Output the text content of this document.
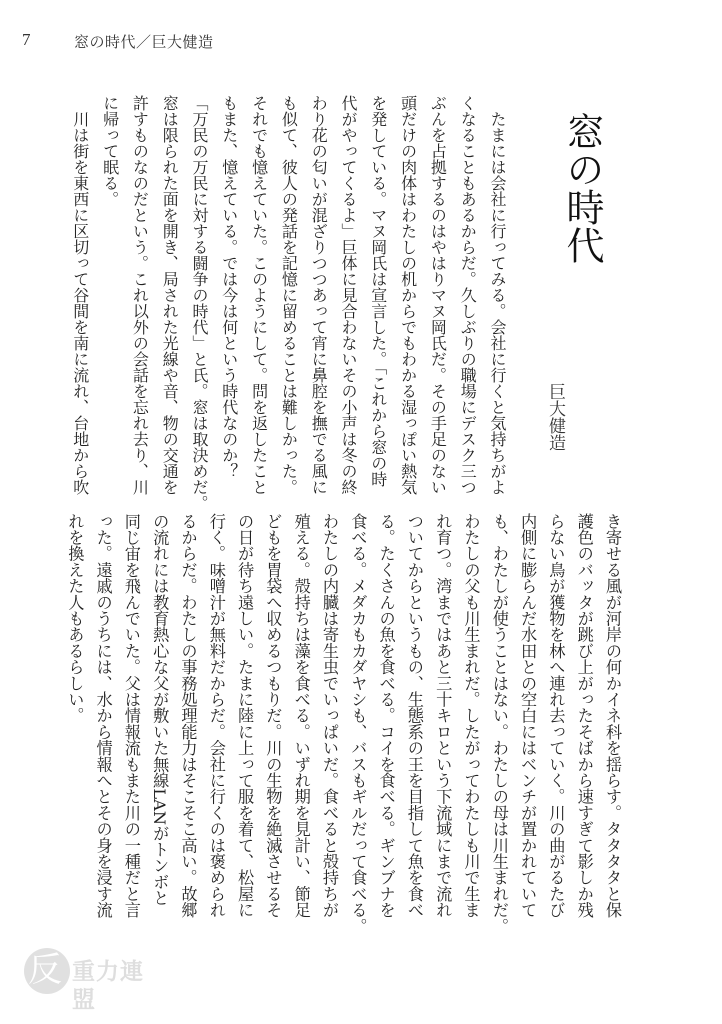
7	窓の時代／巨大健造
窓の時代
巨大健造
　たまには会社に行ってみる。会社に行くと気持ちがよ
くなることもあるからだ。久しぶりの職場にデスク三つ
ぶんを占拠するのはやはりマヌ岡氏だ。その手足のない
頭だけの肉体はわたしの机からでもわかる湿っぽい熱気
を発している。マヌ岡氏は宣言した。「これから窓の時
代がやってくるよ」巨体に見合わないその小声は冬の終
わり花の匂いが混ざりつつあって宵に鼻腔を撫でる風に
も似て、彼人の発話を記憶に留めることは難しかった。
それでも憶えていた。このようにして。問を返したこと
もまた、憶えている。では今は何という時代なのか？
「万民の万民に対する闘争の時代」と氏。窓は取決めだ。
窓は限られた面を開き、局された光線や音、物の交通を
許すものなのだという。これ以外の会話を忘れ去り、川
に帰って眠る。
　川は街を東西に区切って谷間を南に流れ、台地から吹
き寄せる風が河岸の何かイネ科を揺らす。タタタタと保
護色のバッタが跳び上がったそばから速すぎて影しか残
らない鳥が獲物を林へ連れ去っていく。川の曲がるたび
内側に膨らんだ水田との空白にはベンチが置かれていて
も、わたしが使うことはない。わたしの母は川生まれだ。
わたしの父も川生まれだ。したがってわたしも川で生ま
れ育つ。湾まではあと三十キロという下流域にまで流れ
ついてからというもの、生態系の王を目指して魚を食べ
る。たくさんの魚を食べる。コイを食べる。ギンブナを
食べる。メダカもカダヤシも、バスもギルだって食べる。
わたしの内臓は寄生虫でいっぱいだ。食べると殻持ちが
殖える。殻持ちは藻を食べる。いずれ期を見計い、節足
どもを胃袋へ収めるつもりだ。川の生物を絶滅させるそ
の日が待ち遠しい。たまに陸に上って服を着て、松屋に
行く。味噌汁が無料だからだ。会社に行くのは褒められ
るからだ。わたしの事務処理能力はそこそこ高い。故郷
の流れには教育熱心な父が敷いた無線LANがトンボと
同じ宙を飛んでいた。父は情報流もまた川の一種だと言
った。遠戚のうちには、水から情報へとその身を浸す流
れを換えた人もあるらしい。
反 重力連盟
